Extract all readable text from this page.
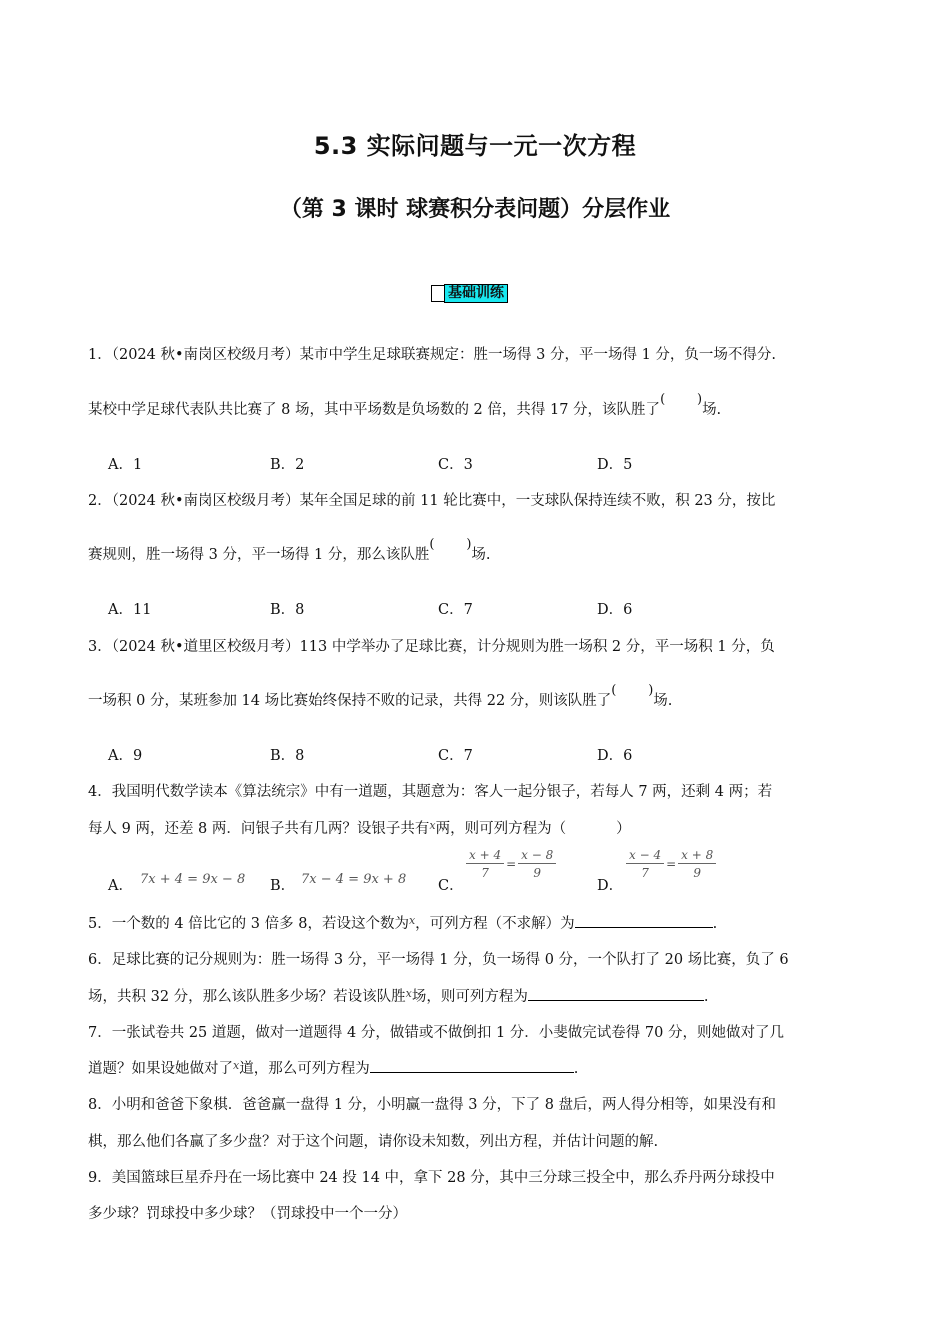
5.3 实际问题与一元一次方程
（第 3 课时 球赛积分表问题）分层作业
基础训练
1．（2024 秋•南岗区校级月考）某市中学生足球联赛规定：胜一场得 3 分，平一场得 1 分，负一场不得分.
某校中学足球代表队共比赛了 8 场，其中平场数是负场数的 2 倍，共得 17 分，该队胜了 ( )	场.
A．1	B．2	C．3	D．5
2．（2024 秋•南岗区校级月考）某年全国足球的前 11 轮比赛中，一支球队保持连续不败，积 23 分，按比
赛规则，胜一场得 3 分，平一场得 1 分，那么该队胜 ( )	场.
A．11	B．8	C．7	D．6
3．（2024 秋•道里区校级月考）113 中学举办了足球比赛，计分规则为胜一场积 2 分，平一场积 1 分，负
一场积 0 分，某班参加 14 场比赛始终保持不败的记录，共得 22 分，则该队胜了 ( )	场.
A．9	B．8	C．7	D．6
4．我国明代数学读本《算法统宗》中有一道题，其题意为：客人一起分银子，若每人 7 两，还剩 4 两；若
每人 9 两，还差 8 两．问银子共有几两？设银子共有$^x$两，则可列方程为（	）
A． 7x + 4 = 9x − 8 B． 7x − 4 = 9x + 8 C．
$\frac{x + 4}{7} = \frac{x - 8}{9}$
D．
$\frac{x - 4}{7} = \frac{x + 8}{9}$
5．一个数的 4 倍比它的 3 倍多 8，若设这个数为$^x$，可列方程（不求解）为	.
6．足球比赛的记分规则为：胜一场得 3 分，平一场得 1 分，负一场得 0 分，一个队打了 20 场比赛，负了 6
场，共积 32 分，那么该队胜多少场？若设该队胜$^x$场，则可列方程为	.
7．一张试卷共 25 道题，做对一道题得 4 分，做错或不做倒扣 1 分．小斐做完试卷得 70 分，则她做对了几
道题？如果设她做对了$^x$道，那么可列方程为	.
8．小明和爸爸下象棋．爸爸赢一盘得 1 分，小明赢一盘得 3 分，下了 8 盘后，两人得分相等，如果没有和
棋，那么他们各赢了多少盘？对于这个问题，请你设未知数，列出方程，并估计问题的解.
9．美国篮球巨星乔丹在一场比赛中 24 投 14 中，拿下 28 分，其中三分球三投全中，那么乔丹两分球投中
多少球？罚球投中多少球？（罚球投中一个一分）
